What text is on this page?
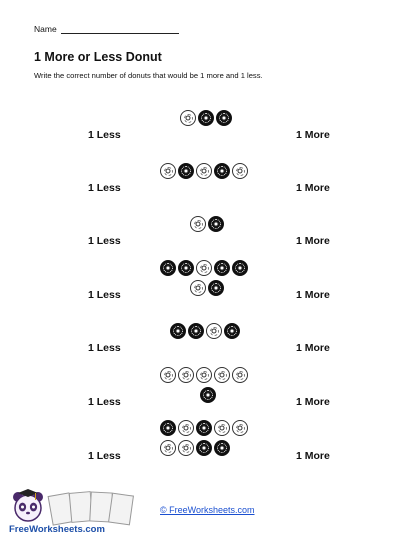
Name
1 More or Less Donut
Write the correct number of donuts that would be 1 more and 1 less.
1 Less	1 More
1 Less	1 More
1 Less	1 More
1 Less	1 More
1 Less	1 More
1 Less	1 More
1 Less	1 More
FreeWorksheets.com
© FreeWorksheets.com
